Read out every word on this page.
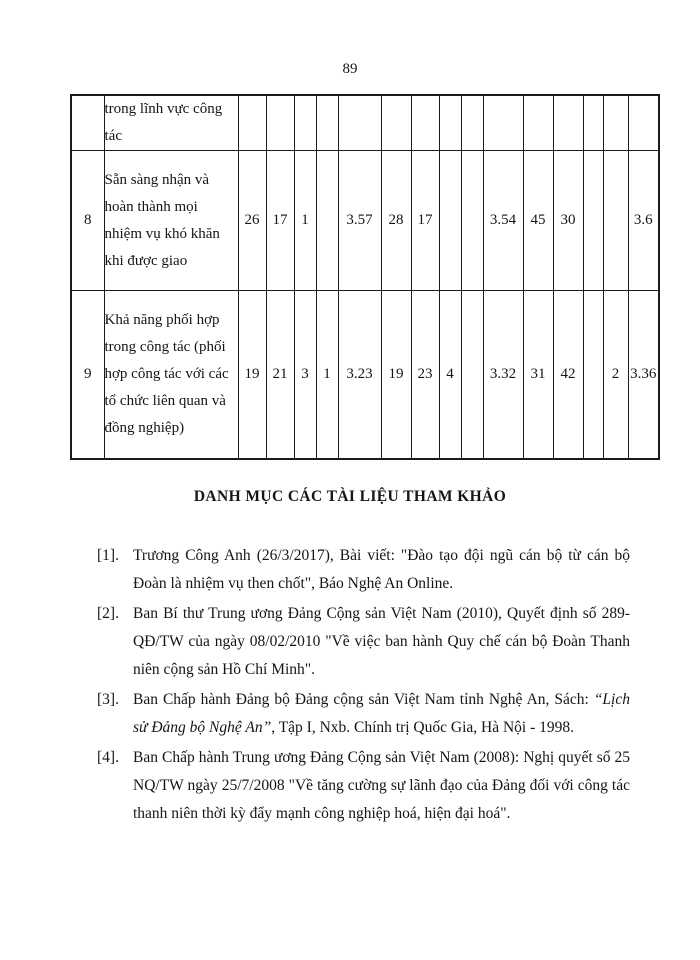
89
	trong lĩnh vực công tác															
8	Sẵn sàng nhận và hoàn thành mọi nhiệm vụ khó khăn khi được giao	26	17	1		3.57	28	17			3.54	45	30			3.6
9	Khả năng phối hợp trong công tác (phối hợp công tác với các tổ chức liên quan và đồng nghiệp)	19	21	3	1	3.23	19	23	4		3.32	31	42		2	3.36
DANH MỤC CÁC TÀI LIỆU THAM KHẢO
[1]. Trương Công Anh (26/3/2017), Bài viết: "Đào tạo đội ngũ cán bộ từ cán bộ Đoàn là nhiệm vụ then chốt", Báo Nghệ An Online.
[2]. Ban Bí thư Trung ương Đảng Cộng sản Việt Nam (2010), Quyết định số 289-QĐ/TW của ngày 08/02/2010 "Về việc ban hành Quy chế cán bộ Đoàn Thanh niên cộng sản Hồ Chí Minh".
[3]. Ban Chấp hành Đảng bộ Đảng cộng sản Việt Nam tỉnh Nghệ An, Sách: “Lịch sử Đảng bộ Nghệ An”, Tập I, Nxb. Chính trị Quốc Gia, Hà Nội - 1998.
[4]. Ban Chấp hành Trung ương Đảng Cộng sản Việt Nam (2008): Nghị quyết số 25 NQ/TW ngày 25/7/2008 "Về tăng cường sự lãnh đạo của Đảng đối với công tác thanh niên thời kỳ đẩy mạnh công nghiệp hoá, hiện đại hoá".
